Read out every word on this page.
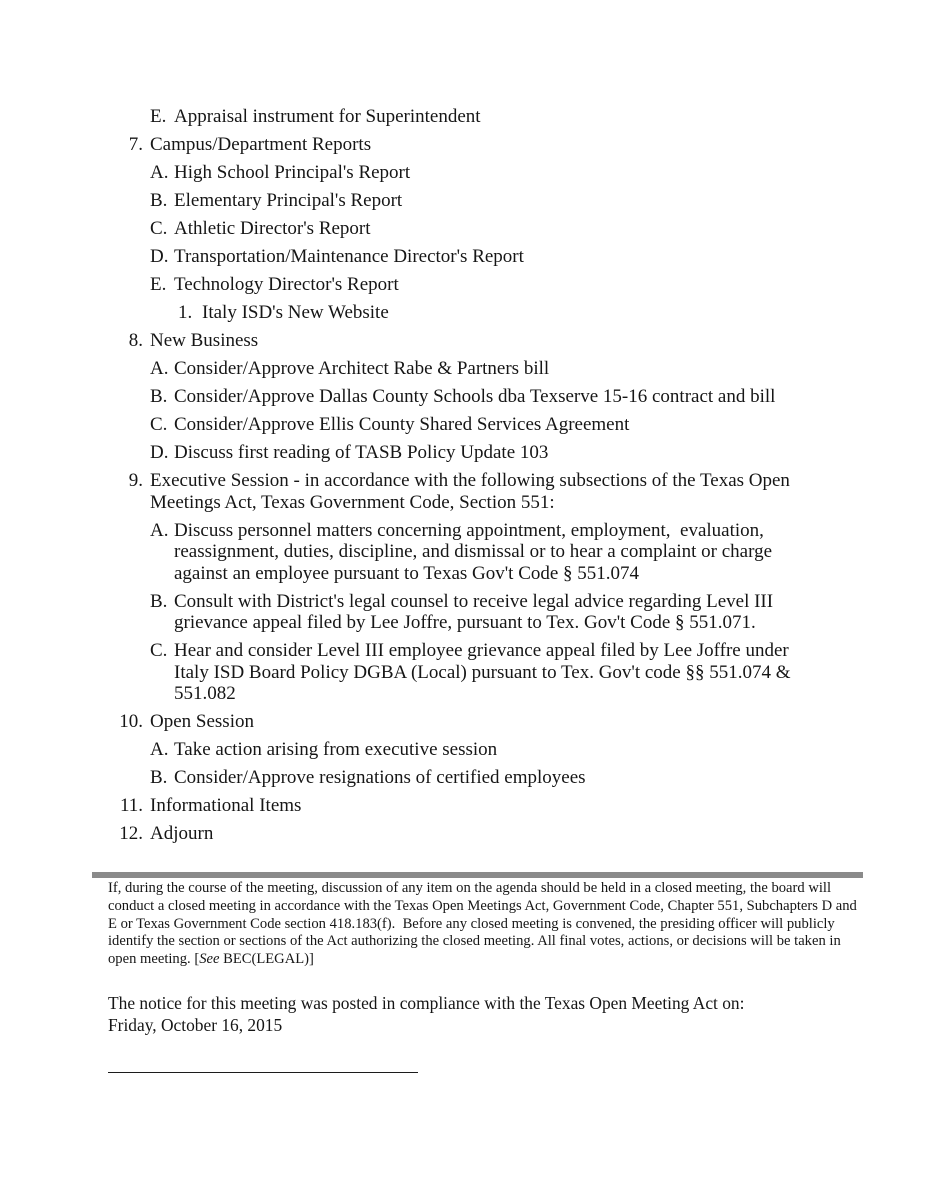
E. Appraisal instrument for Superintendent
7. Campus/Department Reports
A. High School Principal's Report
B. Elementary Principal's Report
C. Athletic Director's Report
D. Transportation/Maintenance Director's Report
E. Technology Director's Report
1. Italy ISD's New Website
8. New Business
A. Consider/Approve Architect Rabe & Partners bill
B. Consider/Approve Dallas County Schools dba Texserve 15-16 contract and bill
C. Consider/Approve Ellis County Shared Services Agreement
D. Discuss first reading of TASB Policy Update 103
9. Executive Session - in accordance with the following subsections of the Texas Open Meetings Act, Texas Government Code, Section 551:
A. Discuss personnel matters concerning appointment, employment,  evaluation, reassignment, duties, discipline, and dismissal or to hear a complaint or charge against an employee pursuant to Texas Gov't Code § 551.074
B. Consult with District's legal counsel to receive legal advice regarding Level III grievance appeal filed by Lee Joffre, pursuant to Tex. Gov't Code § 551.071.
C. Hear and consider Level III employee grievance appeal filed by Lee Joffre under Italy ISD Board Policy DGBA (Local) pursuant to Tex. Gov't code §§ 551.074 & 551.082
10. Open Session
A. Take action arising from executive session
B. Consider/Approve resignations of certified employees
11. Informational Items
12. Adjourn

If, during the course of the meeting, discussion of any item on the agenda should be held in a closed meeting, the board will conduct a closed meeting in accordance with the Texas Open Meetings Act, Government Code, Chapter 551, Subchapters D and E or Texas Government Code section 418.183(f).  Before any closed meeting is convened, the presiding officer will publicly identify the section or sections of the Act authorizing the closed meeting. All final votes, actions, or decisions will be taken in open meeting. [See BEC(LEGAL)]

The notice for this meeting was posted in compliance with the Texas Open Meeting Act on:
Friday, October 16, 2015
